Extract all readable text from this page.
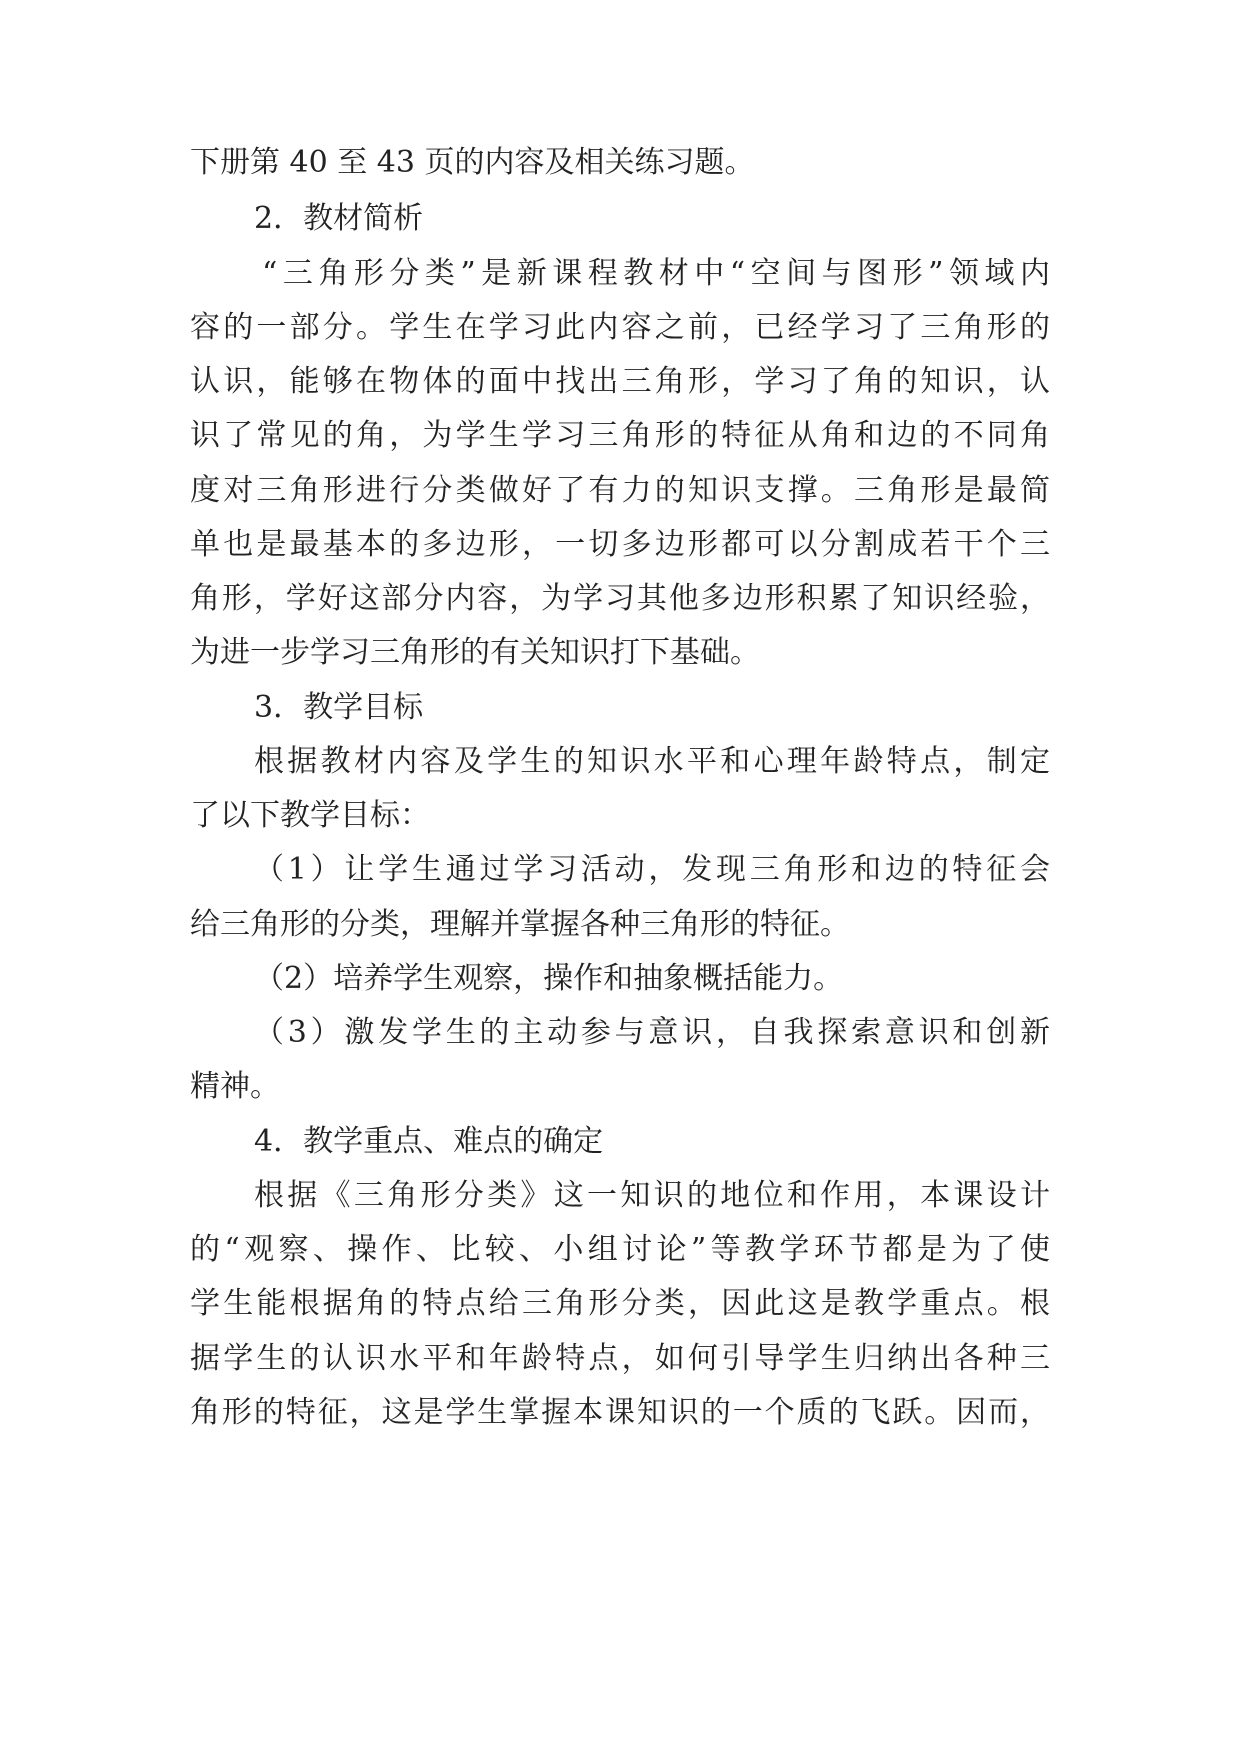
下册第 40 至 43 页的内容及相关练习题。
2．教材简析
“三角形分类”是新课程教材中“空间与图形”领域内
容的一部分。学生在学习此内容之前，已经学习了三角形的
认识，能够在物体的面中找出三角形，学习了角的知识，认
识了常见的角，为学生学习三角形的特征从角和边的不同角
度对三角形进行分类做好了有力的知识支撑。三角形是最简
单也是最基本的多边形，一切多边形都可以分割成若干个三
角形，学好这部分内容，为学习其他多边形积累了知识经验，
为进一步学习三角形的有关知识打下基础。
3．教学目标
根据教材内容及学生的知识水平和心理年龄特点，制定
了以下教学目标：
（1）让学生通过学习活动，发现三角形和边的特征会
给三角形的分类，理解并掌握各种三角形的特征。
（2）培养学生观察，操作和抽象概括能力。
（3）激发学生的主动参与意识，自我探索意识和创新
精神。
4．教学重点、难点的确定
根据《三角形分类》这一知识的地位和作用，本课设计
的“观察、操作、比较、小组讨论”等教学环节都是为了使
学生能根据角的特点给三角形分类，因此这是教学重点。根
据学生的认识水平和年龄特点，如何引导学生归纳出各种三
角形的特征，这是学生掌握本课知识的一个质的飞跃。因而，
